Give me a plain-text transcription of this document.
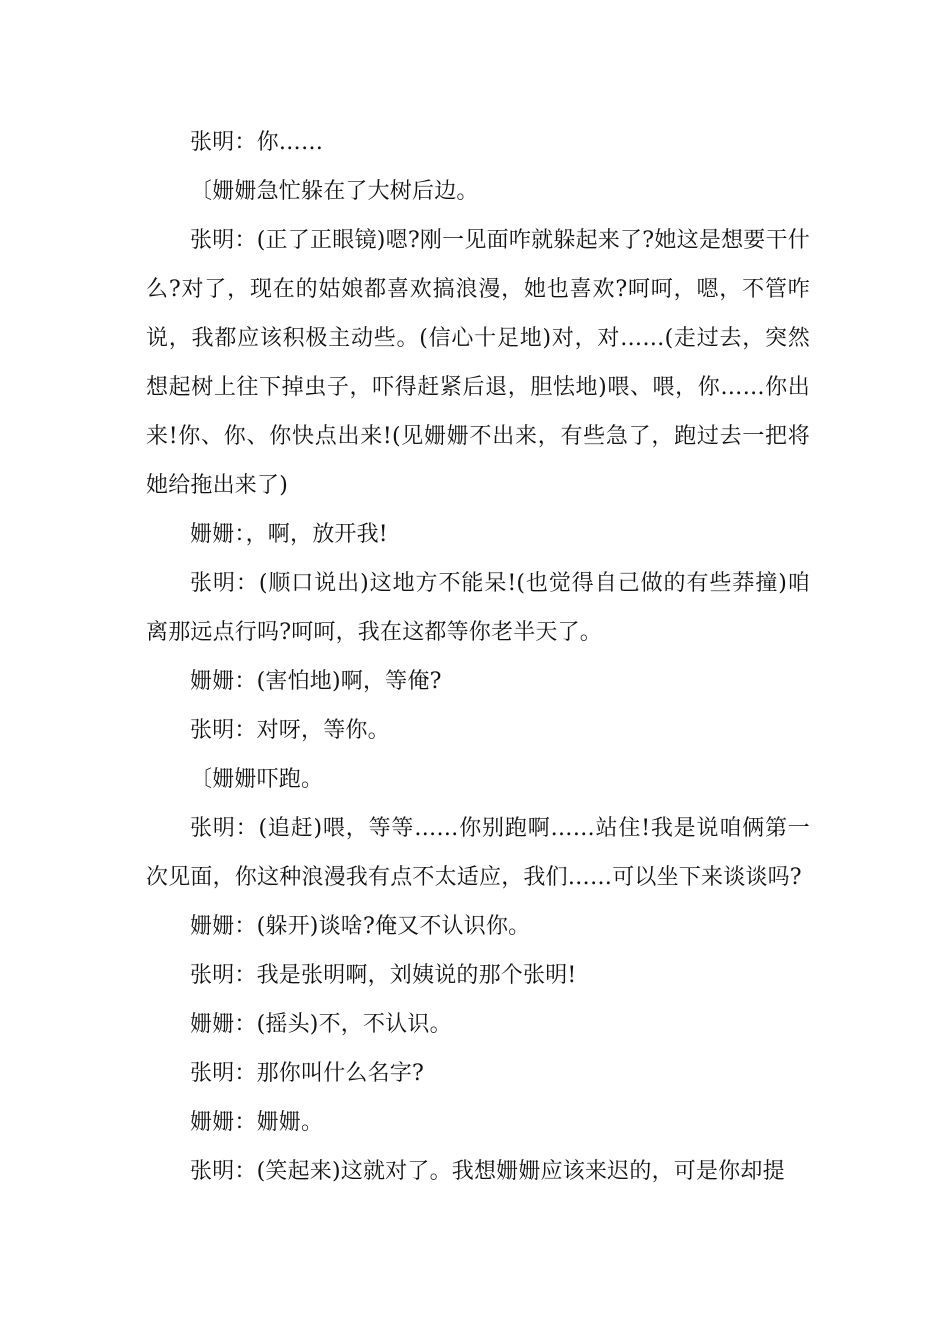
张明：你……

〔姗姗急忙躲在了大树后边。

张明：(正了正眼镜)嗯?刚一见面咋就躲起来了?她这是想要干什么?对了，现在的姑娘都喜欢搞浪漫，她也喜欢?呵呵，嗯，不管咋说，我都应该积极主动些。(信心十足地)对，对……(走过去，突然想起树上往下掉虫子，吓得赶紧后退，胆怯地)喂、喂，你……你出来!你、你、你快点出来!(见姗姗不出来，有些急了，跑过去一把将她给拖出来了)

姗姗：，啊，放开我!

张明：(顺口说出)这地方不能呆!(也觉得自己做的有些莽撞)咱离那远点行吗?呵呵，我在这都等你老半天了。

姗姗：(害怕地)啊，等俺?

张明：对呀，等你。

〔姗姗吓跑。

张明：(追赶)喂，等等……你别跑啊……站住!我是说咱俩第一次见面，你这种浪漫我有点不太适应，我们……可以坐下来谈谈吗?

姗姗：(躲开)谈啥?俺又不认识你。

张明：我是张明啊，刘姨说的那个张明!

姗姗：(摇头)不，不认识。

张明：那你叫什么名字?

姗姗：姗姗。

张明：(笑起来)这就对了。我想姗姗应该来迟的，可是你却提
